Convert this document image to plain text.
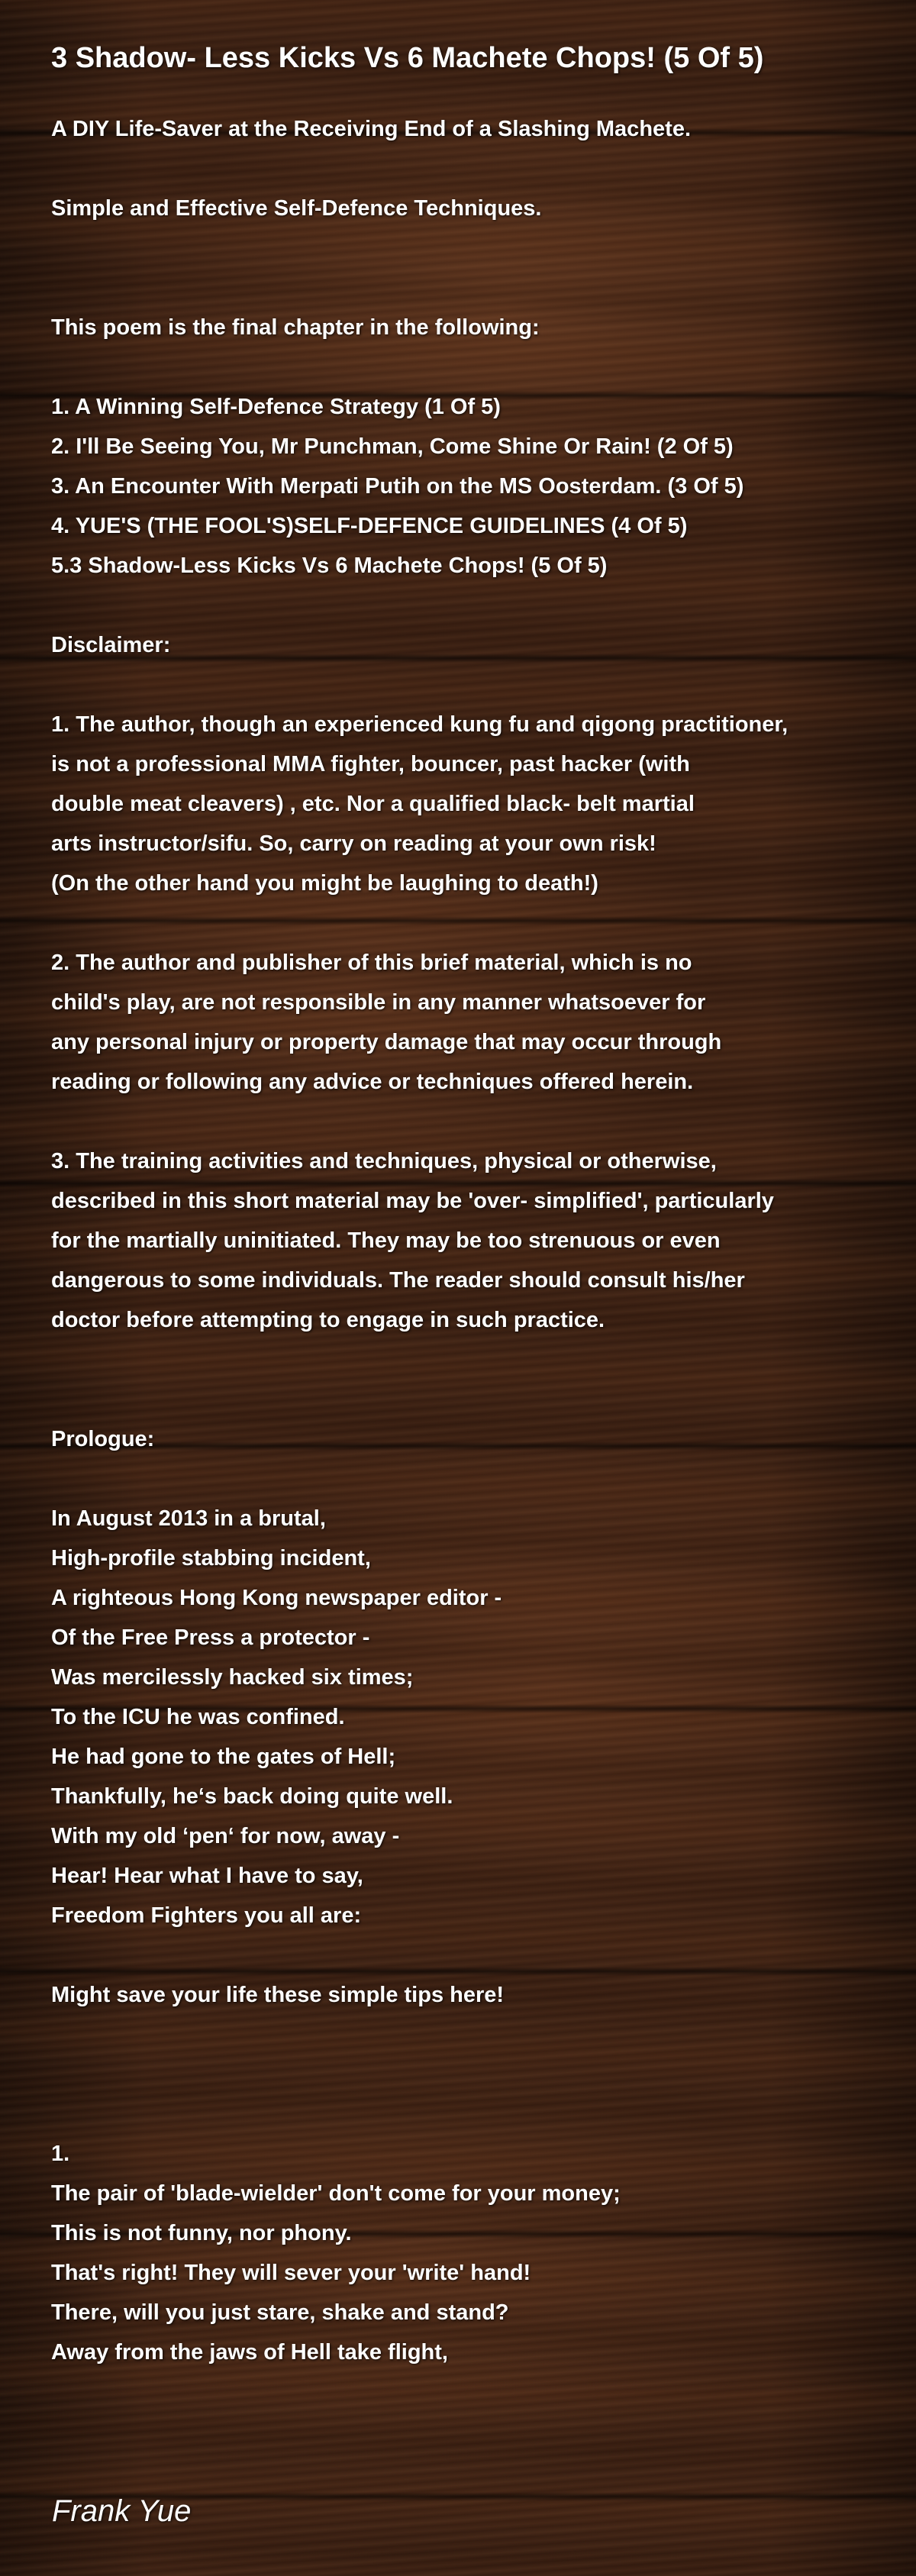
3 Shadow- Less Kicks Vs 6 Machete Chops! (5 Of 5)
A DIY Life-Saver at the Receiving End of a Slashing Machete.
Simple and Effective Self-Defence Techniques.
This poem is the final chapter in the following:
1. A Winning Self-Defence Strategy (1 Of 5)
2. I'll Be Seeing You, Mr Punchman, Come Shine Or Rain! (2 Of 5)
3. An Encounter With Merpati Putih on the MS Oosterdam. (3 Of 5)
4. YUE'S (THE FOOL'S)SELF-DEFENCE GUIDELINES (4 Of 5)
5.3 Shadow-Less Kicks Vs 6 Machete Chops! (5 Of 5)
Disclaimer:
1. The author, though an experienced kung fu and qigong practitioner,
is not a professional MMA fighter, bouncer, past hacker (with
double meat cleavers) , etc. Nor a qualified black- belt martial
arts instructor/sifu. So, carry on reading at your own risk!
(On the other hand you might be laughing to death!)
2. The author and publisher of this brief material, which is no
child's play, are not responsible in any manner whatsoever for
any personal injury or property damage that may occur through
reading or following any advice or techniques offered herein.
3. The training activities and techniques, physical or otherwise,
described in this short material may be 'over- simplified', particularly
for the martially uninitiated. They may be too strenuous or even
dangerous to some individuals. The reader should consult his/her
doctor before attempting to engage in such practice.
Prologue:
In August 2013 in a brutal,
High-profile stabbing incident,
A righteous Hong Kong newspaper editor -
Of the Free Press a protector -
Was mercilessly hacked six times;
To the ICU he was confined.
He had gone to the gates of Hell;
Thankfully, he‘s back doing quite well.
With my old ‘pen‘ for now, away -
Hear! Hear what I have to say,
Freedom Fighters you all are:
Might save your life these simple tips here!
1.
The pair of 'blade-wielder' don't come for your money;
This is not funny, nor phony.
That's right! They will sever your 'write' hand!
There, will you just stare, shake and stand?
Away from the jaws of Hell take flight,
Frank Yue
